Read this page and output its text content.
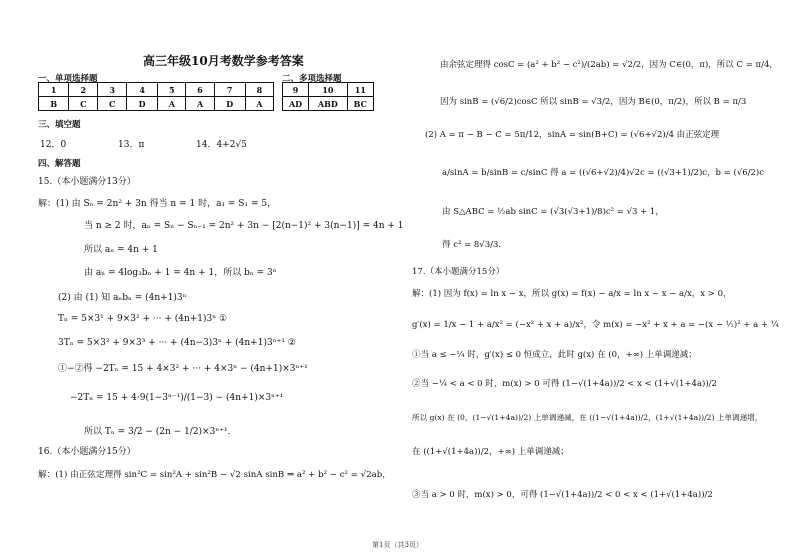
高三年级10月考数学参考答案
一、单项选择题
1	2	3	4	5	6	7	8
B	C	C	D	A	A	D	A
二、多项选择题
9	10	11
AD	ABD	BC
三、填空题
12．0	13．π	14．4+2√5
四、解答题
15.（本小题满分13分）
解：(1) 由 Sₙ = 2n² + 3n 得当 n = 1 时，a₁ = S₁ = 5，
当 n ≥ 2 时，aₙ = Sₙ − Sₙ₋₁ = 2n² + 3n − [2(n−1)² + 3(n−1)] = 4n + 1
所以 aₙ = 4n + 1
由 aₙ = 4log₃bₙ + 1 = 4n + 1，所以 bₙ = 3ⁿ
(2) 由 (1) 知 aₙbₙ = (4n+1)3ⁿ
Tₙ = 5×3¹ + 9×3² + ··· + (4n+1)3ⁿ ①
3Tₙ = 5×3² + 9×3³ + ··· + (4n−3)3ⁿ + (4n+1)3ⁿ⁺¹ ②
①−②得 −2Tₙ = 15 + 4×3² + ··· + 4×3ⁿ − (4n+1)×3ⁿ⁺¹
−2Tₙ = 15 + 4·9(1−3ⁿ⁻¹)/(1−3) − (4n+1)×3ⁿ⁺¹
所以 Tₙ = 3/2 − (2n − 1/2)×3ⁿ⁺¹.
16.（本小题满分15分）
解：(1) 由正弦定理得 sin²C = sin²A + sin²B − √2 sinA sinB ⇒ a² + b² − c² = √2ab，
由余弦定理得 cosC = (a² + b² − c²)/(2ab) = √2/2，因为 C∈(0，π)，所以 C = π/4，
因为 sinB = (√6/2)cosC 所以 sinB = √3/2，因为 B∈(0，π/2)，所以 B = π/3
(2) A = π − B − C = 5π/12，sinA = sin(B+C) = (√6+√2)/4 由正弦定理
a/sinA = b/sinB = c/sinC 得 a = ((√6+√2)/4)√2c = ((√3+1)/2)c，b = (√6/2)c
由 S△ABC = ½ab sinC = (√3(√3+1)/8)c² = √3 + 1，
得 c² = 8√3/3.
17.（本小题满分15分）
解：(1) 因为 f(x) = ln x − x，所以 g(x) = f(x) − a/x = ln x − x − a/x，x > 0，
g′(x) = 1/x − 1 + a/x² = (−x² + x + a)/x²，令 m(x) = −x² + x + a = −(x − ½)² + a + ¼
①当 a ≤ −¼ 时，g′(x) ≤ 0 恒成立，此时 g(x) 在 (0，+∞) 上单调递减；
②当 −¼ < a < 0 时，m(x) > 0 可得 (1−√(1+4a))/2 < x < (1+√(1+4a))/2
所以 g(x) 在 (0，(1−√(1+4a))/2) 上单调递减，在 ((1−√(1+4a))/2，(1+√(1+4a))/2) 上单调递增，
在 ((1+√(1+4a))/2，+∞) 上单调递减；
③当 a > 0 时，m(x) > 0，可得 (1−√(1+4a))/2 < 0 < x < (1+√(1+4a))/2
第1页（共3页）
